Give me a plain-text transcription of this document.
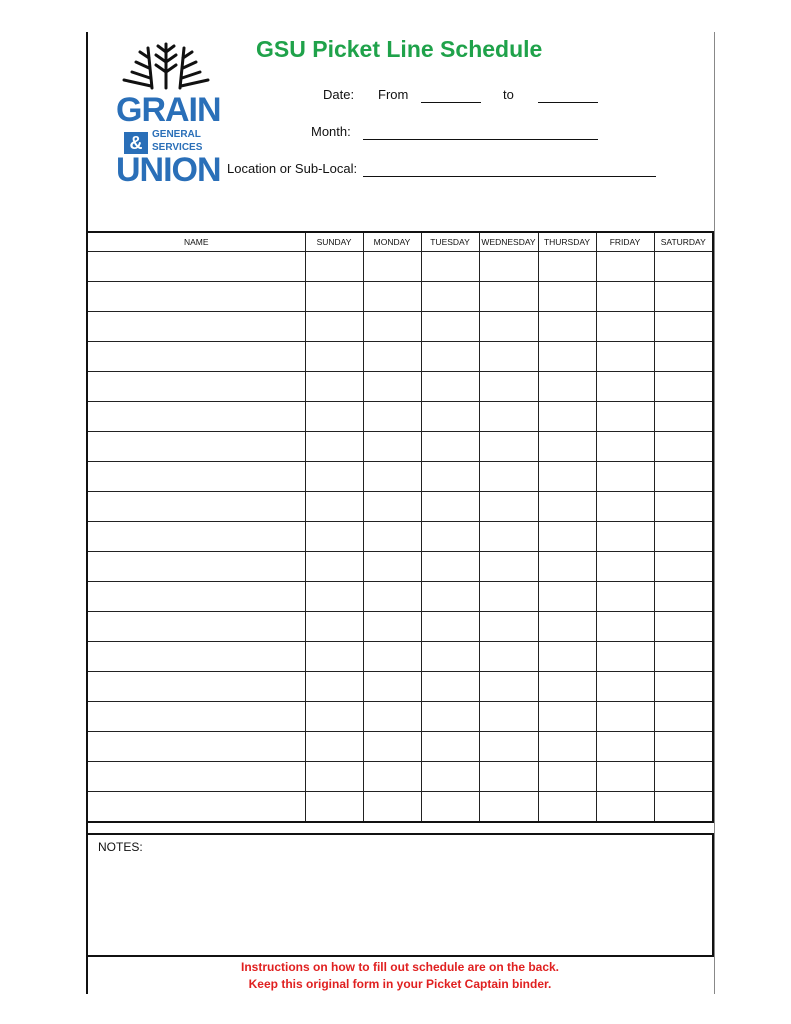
GRAIN
& GENERAL
SERVICES
UNION
GSU Picket Line Schedule
Date: From	to
Month:
Location or Sub-Local:
NAME	SUNDAY	MONDAY	TUESDAY	WEDNESDAY	THURSDAY	FRIDAY	SATURDAY

NOTES:
Instructions on how to fill out schedule are on the back.
Keep this original form in your Picket Captain binder.
